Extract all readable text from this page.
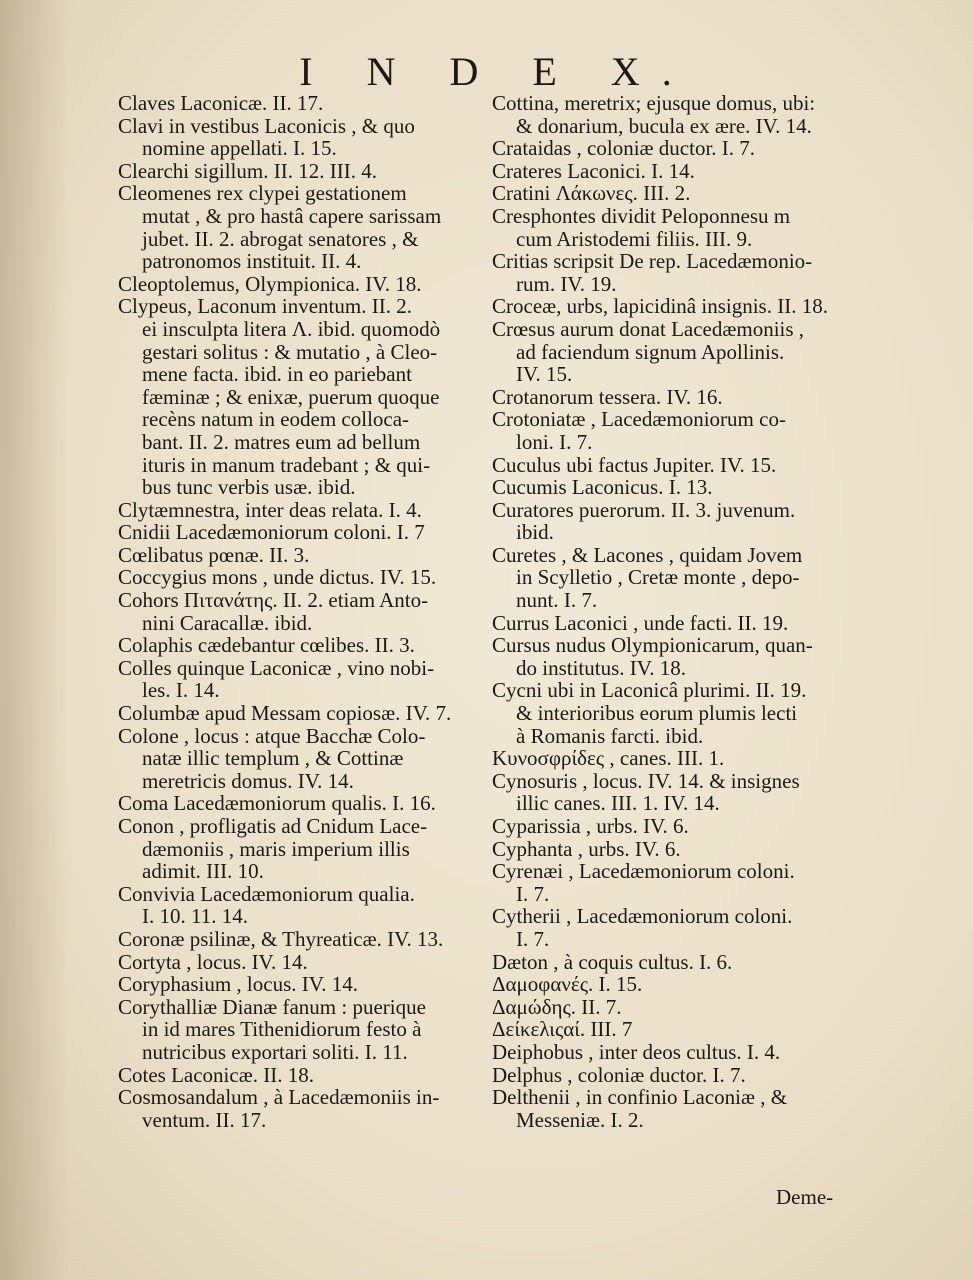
I N D E X.
Claves Laconicæ. II. 17.
Clavi in vestibus Laconicis , & quo
nomine appellati. I. 15.
Clearchi sigillum. II. 12. III. 4.
Cleomenes rex clypei gestationem
mutat , & pro hastâ capere sarissam
jubet. II. 2. abrogat senatores , &
patronomos instituit. II. 4.
Cleoptolemus, Olympionica. IV. 18.
Clypeus, Laconum inventum. II. 2.
ei insculpta litera Λ. ibid. quomodò
gestari solitus : & mutatio , à Cleo-
mene facta. ibid. in eo pariebant
fæminæ ; & enixæ, puerum quoque
recèns natum in eodem colloca-
bant. II. 2. matres eum ad bellum
ituris in manum tradebant ; & qui-
bus tunc verbis usæ. ibid.
Clytæmnestra, inter deas relata. I. 4.
Cnidii Lacedæmoniorum coloni. I. 7
Cœlibatus pœnæ. II. 3.
Coccygius mons , unde dictus. IV. 15.
Cohors Πιτανάτης. II. 2. etiam Anto-
nini Caracallæ. ibid.
Colaphis cædebantur cœlibes. II. 3.
Colles quinque Laconicæ , vino nobi-
les. I. 14.
Columbæ apud Messam copiosæ. IV. 7.
Colone , locus : atque Bacchæ Colo-
natæ illic templum , & Cottinæ
meretricis domus. IV. 14.
Coma Lacedæmoniorum qualis. I. 16.
Conon , profligatis ad Cnidum Lace-
dæmoniis , maris imperium illis
adimit. III. 10.
Convivia Lacedæmoniorum qualia.
I. 10. 11. 14.
Coronæ psilinæ, & Thyreaticæ. IV. 13.
Cortyta , locus. IV. 14.
Coryphasium , locus. IV. 14.
Corythalliæ Dianæ fanum : puerique
in id mares Tithenidiorum festo à
nutricibus exportari soliti. I. 11.
Cotes Laconicæ. II. 18.
Cosmosandalum , à Lacedæmoniis in-
ventum. II. 17.
Cottina, meretrix; ejusque domus, ubi:
& donarium, bucula ex ære. IV. 14.
Crataidas , coloniæ ductor. I. 7.
Crateres Laconici. I. 14.
Cratini Λάκωνες. III. 2.
Cresphontes dividit Peloponnesu m
cum Aristodemi filiis. III. 9.
Critias scripsit De rep. Lacedæmonio-
rum. IV. 19.
Croceæ, urbs, lapicidinâ insignis. II. 18.
Crœsus aurum donat Lacedæmoniis ,
ad faciendum signum Apollinis.
IV. 15.
Crotanorum tessera. IV. 16.
Crotoniatæ , Lacedæmoniorum co-
loni. I. 7.
Cuculus ubi factus Jupiter. IV. 15.
Cucumis Laconicus. I. 13.
Curatores puerorum. II. 3. juvenum.
ibid.
Curetes , & Lacones , quidam Jovem
in Scylletio , Cretæ monte , depo-
nunt. I. 7.
Currus Laconici , unde facti. II. 19.
Cursus nudus Olympionicarum, quan-
do institutus. IV. 18.
Cycni ubi in Laconicâ plurimi. II. 19.
& interioribus eorum plumis lecti
à Romanis farcti. ibid.
Κυνοσφρίδες , canes. III. 1.
Cynosuris , locus. IV. 14. & insignes
illic canes. III. 1. IV. 14.
Cyparissia , urbs. IV. 6.
Cyphanta , urbs. IV. 6.
Cyrenæi , Lacedæmoniorum coloni.
I. 7.
Cytherii , Lacedæmoniorum coloni.
I. 7.
Dæton , à coquis cultus. I. 6.
Δαμοφανές. I. 15.
Δαμώδης. II. 7.
Δείκελιςαί. III. 7
Deiphobus , inter deos cultus. I. 4.
Delphus , coloniæ ductor. I. 7.
Delthenii , in confinio Laconiæ , &
Messeniæ. I. 2.
Deme-
